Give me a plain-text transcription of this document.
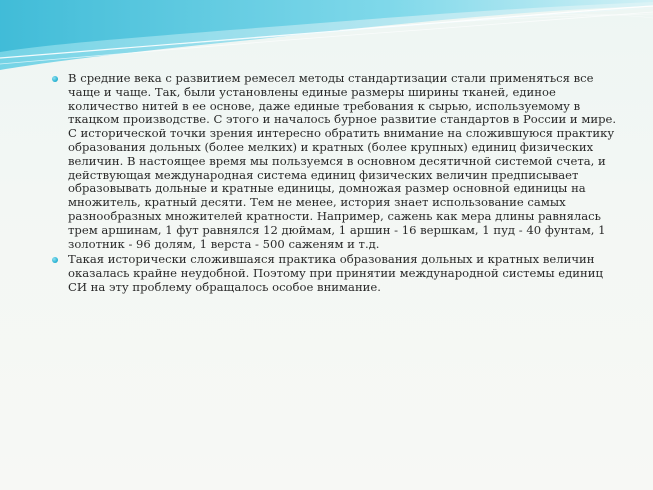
В средние века с развитием ремесел методы стандартизации стали применяться все чаще и чаще. Так, были установлены единые размеры ширины тканей, единое количество нитей в ее основе, даже единые требования к сырью, используемому в ткацком производстве. С этого и началось бурное развитие стандартов в России и мире. С исторической точки зрения интересно обратить внимание на сложившуюся практику образования дольных (более мелких) и кратных (более крупных) единиц физических величин. В настоящее время мы пользуемся в основном десятичной системой счета, и действующая международная система единиц физических величин предписывает образовывать дольные и кратные единицы, домножая размер основной единицы на множитель, кратный десяти. Тем не менее, история знает использование самых разнообразных множителей кратности. Например, сажень как мера длины равнялась трем аршинам, 1 фут равнялся 12 дюймам, 1 аршин - 16 вершкам, 1 пуд - 40 фунтам, 1 золотник - 96 долям, 1 верста - 500 саженям и т.д.
Такая исторически сложившаяся практика образования дольных и кратных величин оказалась крайне неудобной. Поэтому при принятии международной системы единиц СИ на эту проблему обращалось особое внимание.
